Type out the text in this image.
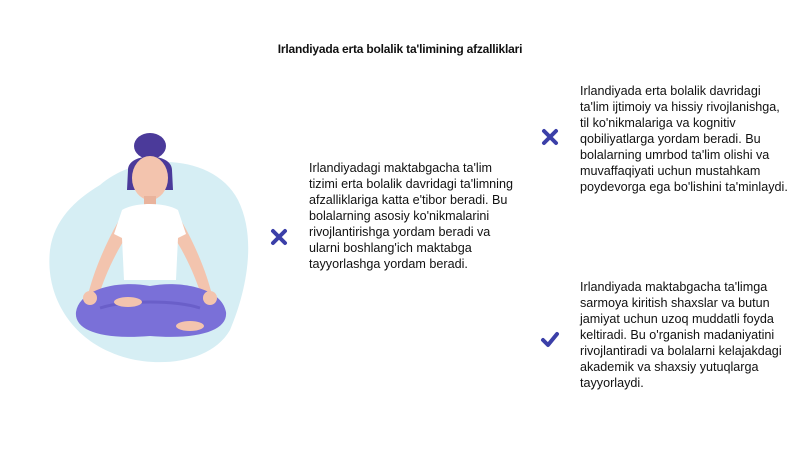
Irlandiyada erta bolalik ta'limining afzalliklari
Irlandiyadagi maktabgacha ta'lim tizimi erta bolalik davridagi ta'limning afzalliklariga katta e'tibor beradi. Bu bolalarning asosiy ko'nikmalarini rivojlantirishga yordam beradi va ularni boshlang'ich maktabga tayyorlashga yordam beradi.
Irlandiyada erta bolalik davridagi ta'lim ijtimoiy va hissiy rivojlanishga, til ko'nikmalariga va kognitiv qobiliyatlarga yordam beradi. Bu bolalarning umrbod ta'lim olishi va muvaffaqiyati uchun mustahkam poydevorga ega bo'lishini ta'minlaydi.
Irlandiyada maktabgacha ta'limga sarmoya kiritish shaxslar va butun jamiyat uchun uzoq muddatli foyda keltiradi. Bu o'rganish madaniyatini rivojlantiradi va bolalarni kelajakdagi akademik va shaxsiy yutuqlarga tayyorlaydi.
